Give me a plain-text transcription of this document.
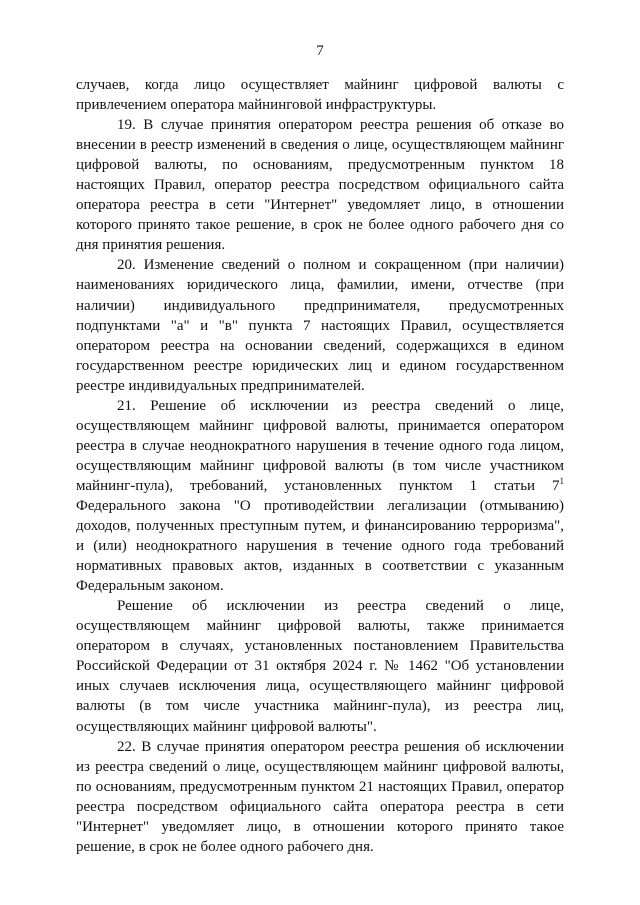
7

случаев, когда лицо осуществляет майнинг цифровой валюты с привлечением оператора майнинговой инфраструктуры.

19. В случае принятия оператором реестра решения об отказе во внесении в реестр изменений в сведения о лице, осуществляющем майнинг цифровой валюты, по основаниям, предусмотренным пунктом 18 настоящих Правил, оператор реестра посредством официального сайта оператора реестра в сети "Интернет" уведомляет лицо, в отношении которого принято такое решение, в срок не более одного рабочего дня со дня принятия решения.

20. Изменение сведений о полном и сокращенном (при наличии) наименованиях юридического лица, фамилии, имени, отчестве (при наличии) индивидуального предпринимателя, предусмотренных подпунктами "а" и "в" пункта 7 настоящих Правил, осуществляется оператором реестра на основании сведений, содержащихся в едином государственном реестре юридических лиц и едином государственном реестре индивидуальных предпринимателей.

21. Решение об исключении из реестра сведений о лице, осуществляющем майнинг цифровой валюты, принимается оператором реестра в случае неоднократного нарушения в течение одного года лицом, осуществляющим майнинг цифровой валюты (в том числе участником майнинг-пула), требований, установленных пунктом 1 статьи $7^1$ Федерального закона "О противодействии легализации (отмыванию) доходов, полученных преступным путем, и финансированию терроризма", и (или) неоднократного нарушения в течение одного года требований нормативных правовых актов, изданных в соответствии с указанным Федеральным законом.

Решение об исключении из реестра сведений о лице, осуществляющем майнинг цифровой валюты, также принимается оператором в случаях, установленных постановлением Правительства Российской Федерации от 31 октября 2024 г. № 1462 "Об установлении иных случаев исключения лица, осуществляющего майнинг цифровой валюты (в том числе участника майнинг-пула), из реестра лиц, осуществляющих майнинг цифровой валюты".

22. В случае принятия оператором реестра решения об исключении из реестра сведений о лице, осуществляющем майнинг цифровой валюты, по основаниям, предусмотренным пунктом 21 настоящих Правил, оператор реестра посредством официального сайта оператора реестра в сети "Интернет" уведомляет лицо, в отношении которого принято такое решение, в срок не более одного рабочего дня.
